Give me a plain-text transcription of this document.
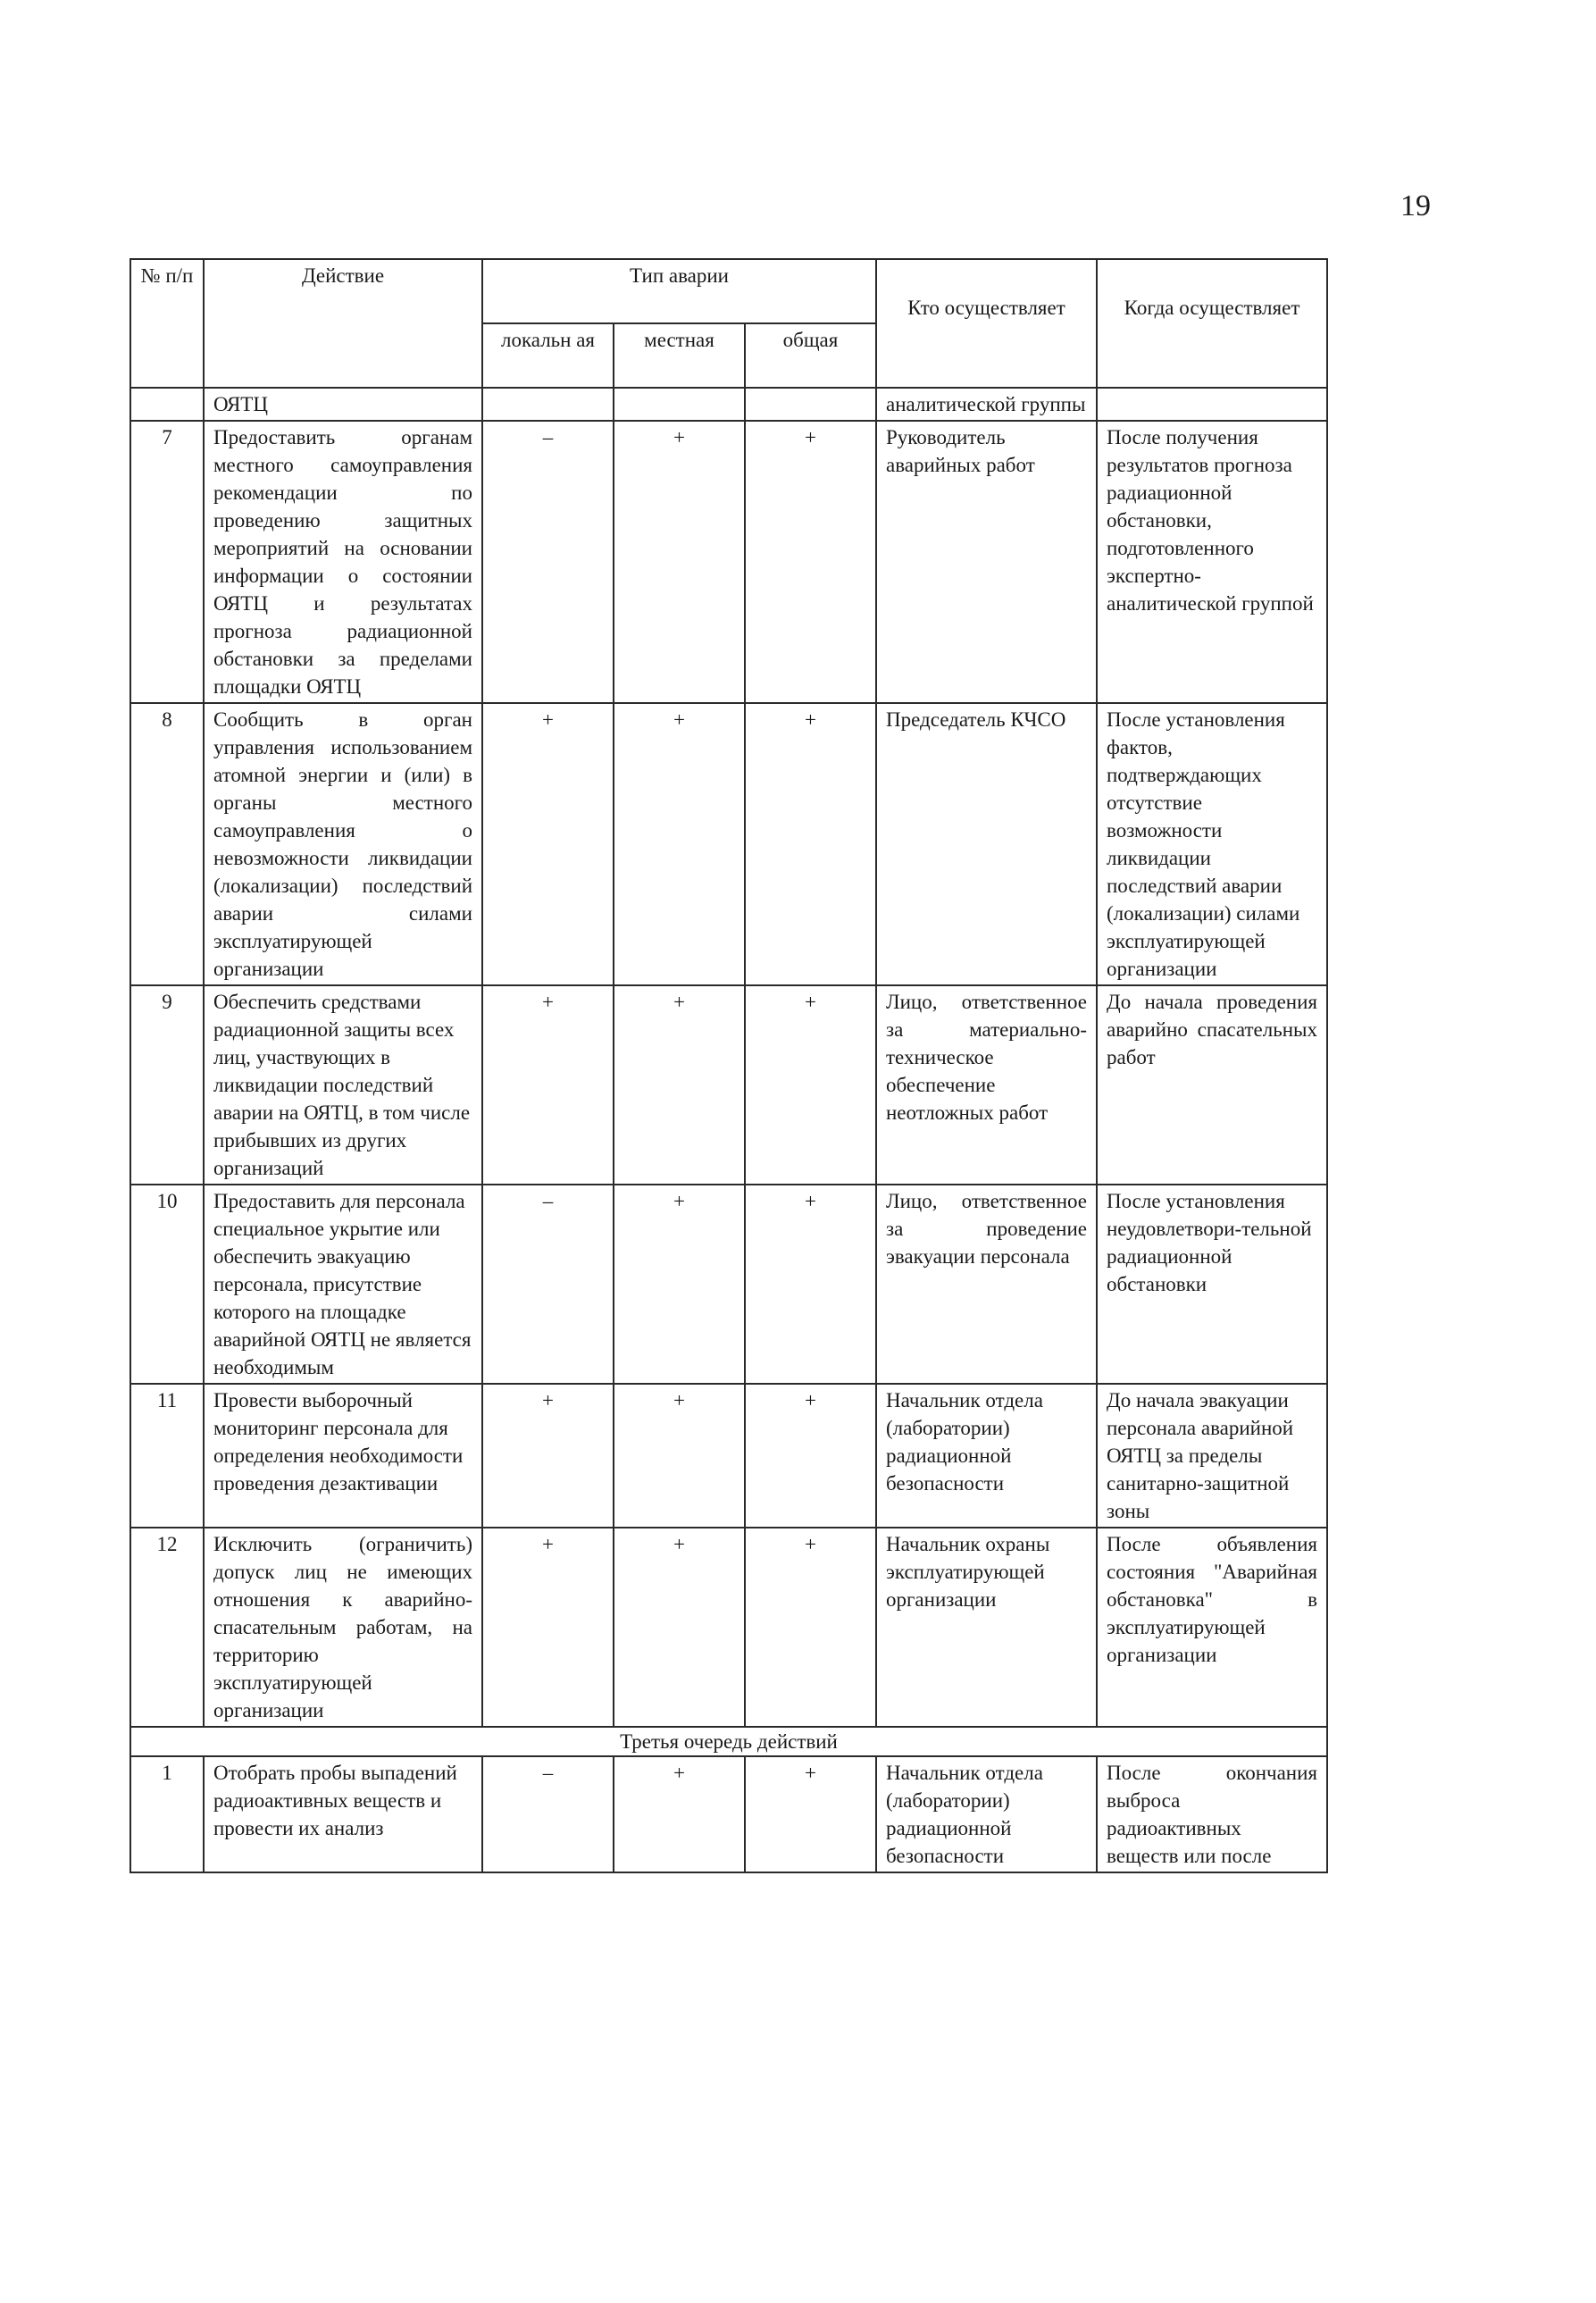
19
№ п/п	Действие	Тип аварии			Кто осуществляет	Когда осуществляет
		локальн ая	местная	общая		
	ОЯТЦ				аналитической группы	
7	Предоставить органам местного самоуправления рекомендации по проведению защитных мероприятий на основании информации о состоянии ОЯТЦ и результатах прогноза радиационной обстановки за пределами площадки ОЯТЦ	–	+	+	Руководитель аварийных работ	После получения результатов прогноза радиационной обстановки, подготовленного экспертно-аналитической группой
8	Сообщить в орган управления использованием атомной энергии и (или) в органы местного самоуправления о невозможности ликвидации (локализации) последствий аварии силами эксплуатирующей организации	+	+	+	Председатель КЧСО	После установления фактов, подтверждающих отсутствие возможности ликвидации последствий аварии (локализации) силами эксплуатирующей организации
9	Обеспечить средствами радиационной защиты всех лиц, участвующих в ликвидации последствий аварии на ОЯТЦ, в том числе прибывших из других организаций	+	+	+	Лицо, ответственное за материально-техническое обеспечение неотложных работ	До начала проведения аварийно спасательных работ
10	Предоставить для персонала специальное укрытие или обеспечить эвакуацию персонала, присутствие которого на площадке аварийной ОЯТЦ не является необходимым	–	+	+	Лицо, ответственное за проведение эвакуации персонала	После установления неудовлетвори-тельной радиационной обстановки
11	Провести выборочный мониторинг персонала для определения необходимости проведения дезактивации	+	+	+	Начальник отдела (лаборатории) радиационной безопасности	До начала эвакуации персонала аварийной ОЯТЦ за пределы санитарно-защитной зоны
12	Исключить (ограничить) допуск лиц не имеющих отношения к аварийно-спасательным работам, на территорию эксплуатирующей организации	+	+	+	Начальник охраны эксплуатирующей организации	После объявления состояния "Аварийная обстановка" в эксплуатирующей организации
Третья очередь действий						
1	Отобрать пробы выпадений радиоактивных веществ и провести их анализ	–	+	+	Начальник отдела (лаборатории) радиационной безопасности	После окончания выброса радиоактивных веществ или после
